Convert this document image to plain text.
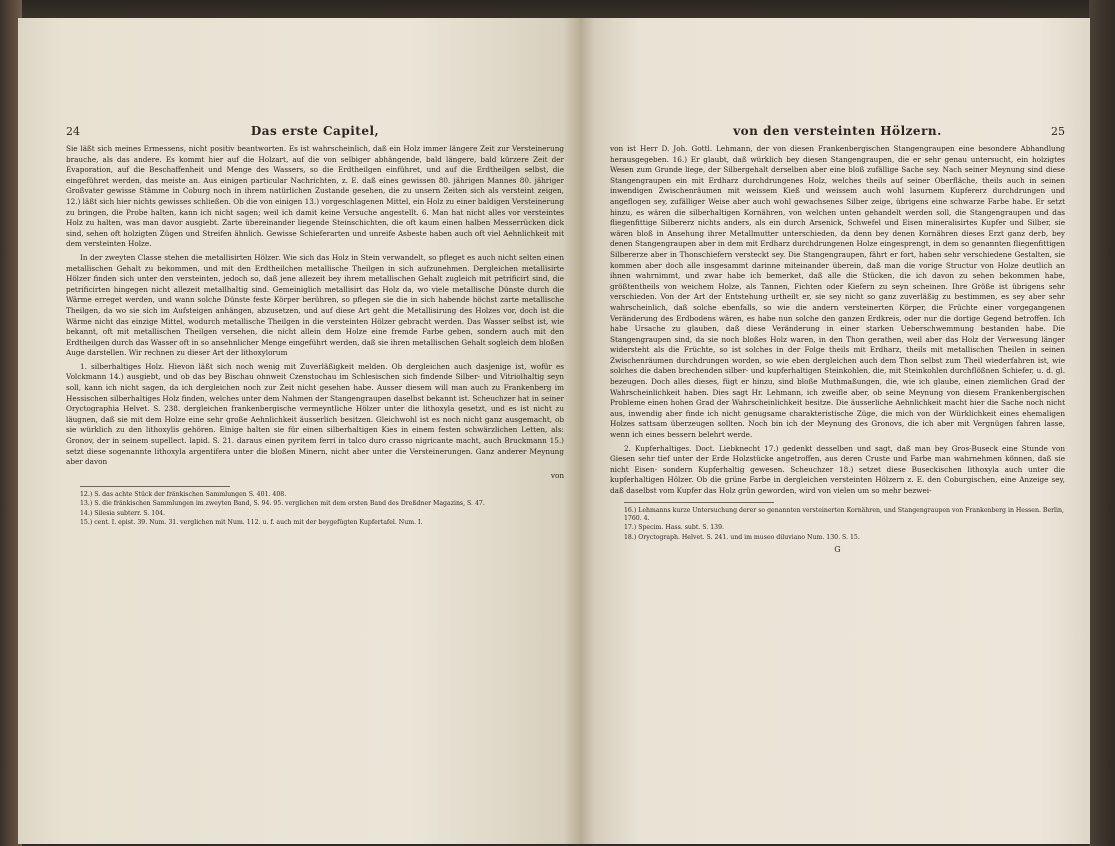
24	Das erste Capitel,

Sie läßt sich meines Ermessens, nicht positiv beantworten. Es ist wahrscheinlich, daß ein Holz immer längere Zeit zur Versteinerung brauche, als das andere. Es kommt hier auf die Holzart, auf die von selbiger abhängende, bald längere, bald kürzere Zeit der Evaporation, auf die Beschaffenheit und Menge des Wassers, so die Erdtheilgen einführet, und auf die Erdtheilgen selbst, die eingeführet werden, das meiste an. Aus einigen particular Nachrichten, z. E. daß eines gewissen 80. jährigen Mannes 80. jähriger Großvater gewisse Stämme in Coburg noch in ihrem natürlichen Zustande gesehen, die zu unsern Zeiten sich als versteint zeigen, 12.) läßt sich hier nichts gewisses schließen. Ob die von einigen 13.) vorgeschlagenen Mittel, ein Holz zu einer baldigen Versteinerung zu bringen, die Probe halten, kann ich nicht sagen; weil ich damit keine Versuche angestellt. 6. Man hat nicht alles vor versteintes Holz zu halten, was man davor ausgiebt. Zarte übereinander liegende Steinschichten, die oft kaum einen halben Messerrücken dick sind, sehen oft holzigten Zügen und Streifen ähnlich. Gewisse Schieferarten und unreife Asbeste haben auch oft viel Aehnlichkeit mit dem versteinten Holze.

In der zweyten Classe stehen die metallisirten Hölzer. Wie sich das Holz in Stein verwandelt, so pfleget es auch nicht selten einen metallischen Gehalt zu bekommen, und mit den Erdtheilchen metallische Theilgen in sich aufzunehmen. Dergleichen metallisirte Hölzer finden sich unter den versteinten, jedoch so, daß jene allezeit bey ihrem metallischen Gehalt zugleich mit petrificirt sind, die petrificirten hingegen nicht allezeit metallhaltig sind. Gemeiniglich metallisirt das Holz da, wo viele metallische Dünste durch die Wärme erreget werden, und wann solche Dünste feste Körper berühren, so pflegen sie die in sich habende höchst zarte metallische Theilgen, da wo sie sich im Aufsteigen anhängen, abzusetzen, und auf diese Art geht die Metallisirung des Holzes vor, doch ist die Wärme nicht das einzige Mittel, wodurch metallische Theilgen in die versteinten Hölzer gebracht werden. Das Wasser selbst ist, wie bekannt, oft mit metallischen Theilgen versehen, die nicht allein dem Holze eine fremde Farbe geben, sondern auch mit den Erdtheilgen durch das Wasser oft in so ansehnlicher Menge eingeführt werden, daß sie ihren metallischen Gehalt sogleich dem bloßen Auge darstellen. Wir rechnen zu dieser Art der lithoxylorum

1. silberhaltiges Holz. Hievon läßt sich noch wenig mit Zuverläßigkeit melden. Ob dergleichen auch dasjenige ist, wofür es Volckmann 14.) ausgiebt, und ob das bey Bischau ohnweit Czenstochau im Schlesischen sich findende Silber- und Vitriolhaltig seyn soll, kann ich nicht sagen, da ich dergleichen noch zur Zeit nicht gesehen habe. Ausser diesem will man auch zu Frankenberg im Hessischen silberhaltiges Holz finden, welches unter dem Nahmen der Stangengraupen daselbst bekannt ist. Scheuchzer hat in seiner Oryctographia Helvet. S. 238. dergleichen frankenbergische vermeyntliche Hölzer unter die lithoxyla gesetzt, und es ist nicht zu läugnen, daß sie mit dem Holze eine sehr große Aehnlichkeit äusserlich besitzen. Gleichwohl ist es noch nicht ganz ausgemacht, ob sie würklich zu den lithoxylis gehören. Einige halten sie für einen silberhaltigen Kies in einem festen schwärzlichen Letten, als: Gronov, der in seinem supellect. lapid. S. 21. daraus einen pyritem ferri in talco duro crasso nigricante macht, auch Bruckmann 15.) setzt diese sogenannte lithoxyla argentifera unter die bloßen Minern, nicht aber unter die Versteinerungen. Ganz anderer Meynung aber davon

von

12.) S. das achte Stück der fränkischen Sammlungen S. 401. 408.

13.) S. die fränkischen Sammlungen im zweyten Band, S. 94. 95. verglichen mit dem ersten Band des Dreßdner Magazins, S. 47.

14.) Silesia subterr. S. 104.

15.) cent. I. epist. 39. Num. 31. verglichen mit Num. 112. u. f. auch mit der beygefügten Kupfertafel. Num. I.

von den versteinten Hölzern.	25

von ist Herr D. Joh. Gottl. Lehmann, der von diesen Frankenbergischen Stangengraupen eine besondere Abhandlung herausgegeben. 16.) Er glaubt, daß würklich bey diesen Stangengraupen, die er sehr genau untersucht, ein holzigtes Wesen zum Grunde liege, der Silbergehalt derselben aber eine bloß zufällige Sache sey. Nach seiner Meynung sind diese Stangengraupen ein mit Erdharz durchdrungenes Holz, welches theils auf seiner Oberfläche, theils auch in seinen inwendigen Zwischenräumen mit weissem Kieß und weissem auch wohl lasurnem Kupfererz durchdrungen und angeflogen sey, zufälliger Weise aber auch wohl gewachsenes Silber zeige, übrigens eine schwarze Farbe habe. Er setzt hinzu, es wären die silberhaltigen Kornähren, von welchen unten gehandelt werden soll, die Stangengraupen und das fliegenfittige Silbererz nichts anders, als ein durch Arsenick, Schwefel und Eisen mineralisirtes Kupfer und Silber, sie wären bloß in Ansehung ihrer Metallmutter unterschieden, da denn bey denen Kornähren dieses Erzt ganz derb, bey denen Stangengraupen aber in dem mit Erdharz durchdrungenen Holze eingesprengt, in dem so genannten fliegenfittigen Silbererze aber in Thonschiefern versteckt sey. Die Stangengraupen, fährt er fort, haben sehr verschiedene Gestalten, sie kommen aber doch alle insgesammt darinne miteinander überein, daß man die vorige Structur von Holze deutlich an ihnen wahrnimmt, und zwar habe ich bemerket, daß alle die Stücken, die ich davon zu sehen bekommen habe, größtentheils von weichem Holze, als Tannen, Fichten oder Kiefern zu seyn scheinen. Ihre Größe ist übrigens sehr verschieden. Von der Art der Entstehung urtheilt er, sie sey nicht so ganz zuverläßig zu bestimmen, es sey aber sehr wahrscheinlich, daß solche ebenfalls, so wie die andern versteinerten Körper, die Früchte einer vorgegangenen Veränderung des Erdbodens wären, es habe nun solche den ganzen Erdkreis, oder nur die dortige Gegend betroffen. Ich habe Ursache zu glauben, daß diese Veränderung in einer starken Ueberschwemmung bestanden habe. Die Stangengraupen sind, da sie noch bloßes Holz waren, in den Thon gerathen, weil aber das Holz der Verwesung länger widersteht als die Früchte, so ist solches in der Folge theils mit Erdharz, theils mit metallischen Theilen in seinen Zwischenräumen durchdrungen worden, so wie eben dergleichen auch dem Thon selbst zum Theil wiederfahren ist, wie solches die daben brechenden silber- und kupferhaltigen Steinkohlen, die, mit Steinkohlen durchflößnen Schiefer, u. d. gl. bezeugen. Doch alles dieses, fügt er hinzu, sind bloße Muthmaßungen, die, wie ich glaube, einen ziemlichen Grad der Wahrscheinlichkeit haben. Dies sagt Hr. Lehmann, ich zweifle aber, ob seine Meynung von diesem Frankenbergischen Probleme einen hohen Grad der Wahrscheinlichkeit besitze. Die äusserliche Aehnlichkeit macht hier die Sache noch nicht aus, inwendig aber finde ich nicht genugsame charakteristische Züge, die mich von der Würklichkeit eines ehemaligen Holzes sattsam überzeugen sollten. Noch bin ich der Meynung des Gronovs, die ich aber mit Vergnügen fahren lasse, wenn ich eines bessern belehrt werde.

2. Kupferhaltiges. Doct. Liebknecht 17.) gedenkt desselben und sagt, daß man bey Gros-Buseck eine Stunde von Giesen sehr tief unter der Erde Holzstücke angetroffen, aus deren Cruste und Farbe man wahrnehmen können, daß sie nicht Eisen- sondern Kupferhaltig gewesen. Scheuchzer 18.) setzet diese Buseckischen lithoxyla auch unter die kupferhaltigen Hölzer. Ob die grüne Farbe in dergleichen versteinten Hölzern z. E. den Coburgischen, eine Anzeige sey, daß daselbst vom Kupfer das Holz grün geworden, wird von vielen um so mehr bezwei-

16.) Lehmanns kurze Untersuchung derer so genannten versteinerten Kornähren, und Stangengraupen von Frankenberg in Hessen. Berlin, 1760. 4.

17.) Specim. Hass. subt. S. 139.

18.) Oryctograph. Helvet. S. 241. und im museo diluviano Num. 130. S. 15.

G
